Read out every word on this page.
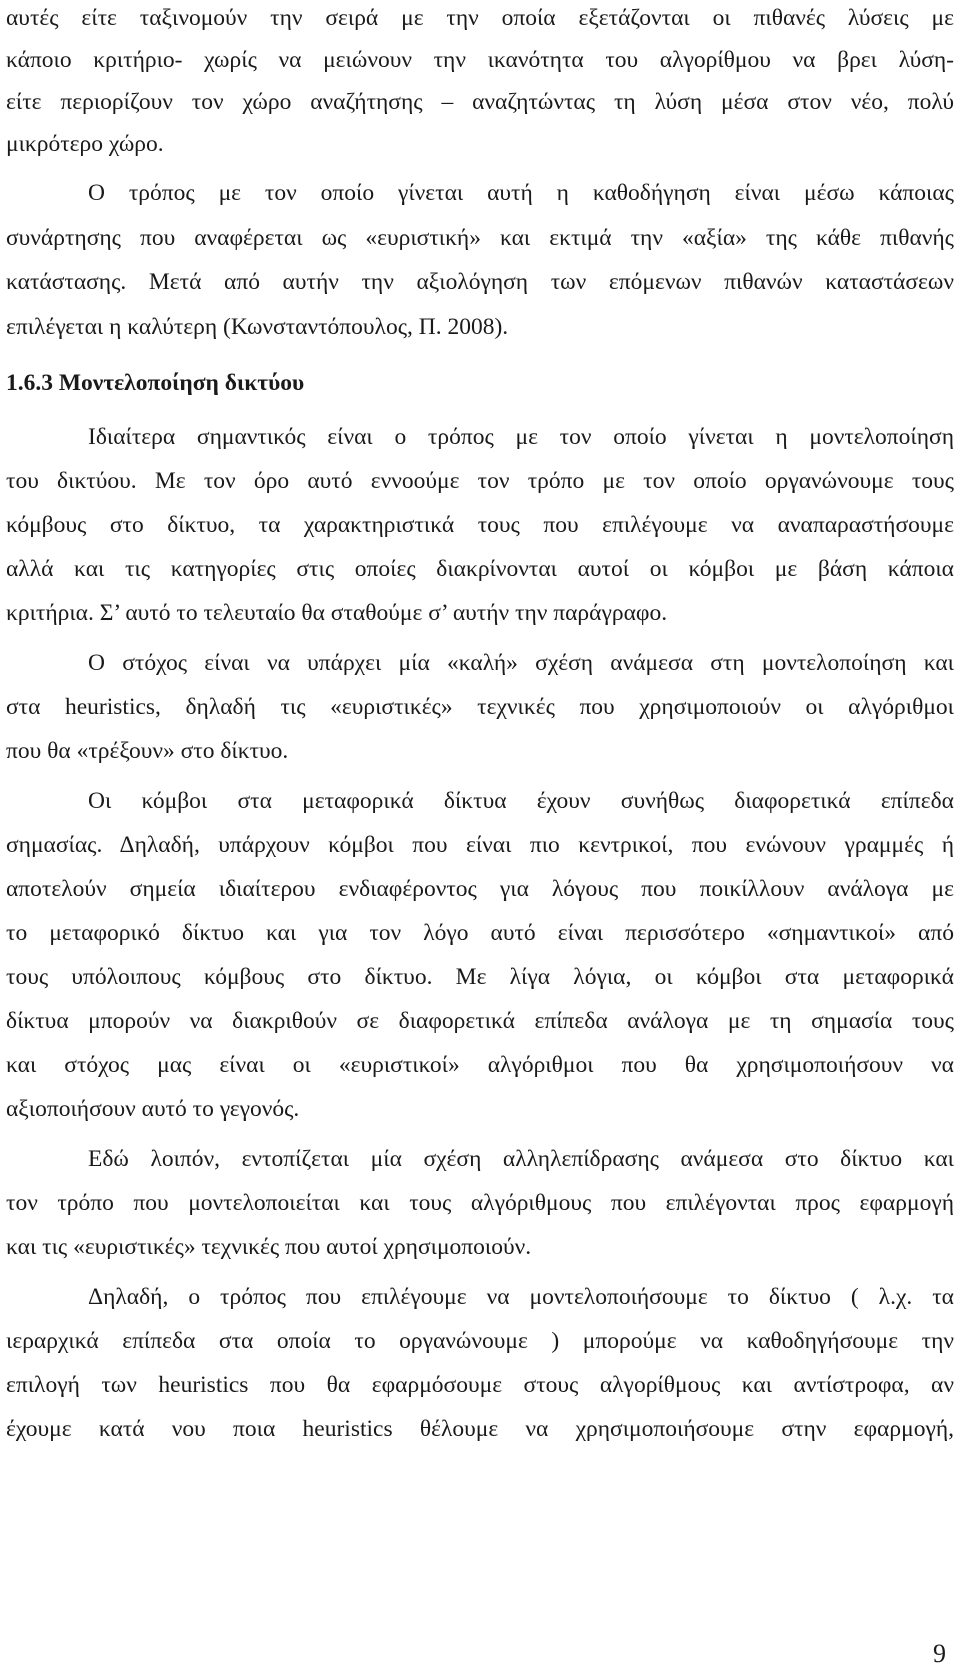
αυτές είτε ταξινομούν την σειρά με την οποία εξετάζονται οι πιθανές λύσεις με
κάποιο κριτήριο- χωρίς να μειώνουν την ικανότητα του αλγορίθμου να βρει λύση-
είτε περιορίζουν τον χώρο αναζήτησης – αναζητώντας τη λύση μέσα στον νέο, πολύ
μικρότερο χώρο.
Ο τρόπος με τον οποίο γίνεται αυτή η καθοδήγηση είναι μέσω κάποιας
συνάρτησης που αναφέρεται ως «ευριστική» και εκτιμά την «αξία» της κάθε πιθανής
κατάστασης. Μετά από αυτήν την αξιολόγηση των επόμενων πιθανών καταστάσεων
επιλέγεται η καλύτερη (Κωνσταντόπουλος, Π. 2008).
1.6.3 Μοντελοποίηση δικτύου
Ιδιαίτερα σημαντικός είναι ο τρόπος με τον οποίο γίνεται η μοντελοποίηση
του δικτύου. Με τον όρο αυτό εννοούμε τον τρόπο με τον οποίο οργανώνουμε τους
κόμβους στο δίκτυο, τα χαρακτηριστικά τους που επιλέγουμε να αναπαραστήσουμε
αλλά και τις κατηγορίες στις οποίες διακρίνονται αυτοί οι κόμβοι με βάση κάποια
κριτήρια. Σ’ αυτό το τελευταίο θα σταθούμε σ’ αυτήν την παράγραφο.
Ο στόχος είναι να υπάρχει μία «καλή» σχέση ανάμεσα στη μοντελοποίηση και
στα heuristics, δηλαδή τις «ευριστικές» τεχνικές που χρησιμοποιούν οι αλγόριθμοι
που θα «τρέξουν» στο δίκτυο.
Οι κόμβοι στα μεταφορικά δίκτυα έχουν συνήθως διαφορετικά επίπεδα
σημασίας. Δηλαδή, υπάρχουν κόμβοι που είναι πιο κεντρικοί, που ενώνουν γραμμές ή
αποτελούν σημεία ιδιαίτερου ενδιαφέροντος για λόγους που ποικίλλουν ανάλογα με
το μεταφορικό δίκτυο και για τον λόγο αυτό είναι περισσότερο «σημαντικοί» από
τους υπόλοιπους κόμβους στο δίκτυο. Με λίγα λόγια, οι κόμβοι στα μεταφορικά
δίκτυα μπορούν να διακριθούν σε διαφορετικά επίπεδα ανάλογα με τη σημασία τους
και στόχος μας είναι οι «ευριστικοί» αλγόριθμοι που θα χρησιμοποιήσουν να
αξιοποιήσουν αυτό το γεγονός.
Εδώ λοιπόν, εντοπίζεται μία σχέση αλληλεπίδρασης ανάμεσα στο δίκτυο και
τον τρόπο που μοντελοποιείται και τους αλγόριθμους που επιλέγονται προς εφαρμογή
και τις «ευριστικές» τεχνικές που αυτοί χρησιμοποιούν.
Δηλαδή, ο τρόπος που επιλέγουμε να μοντελοποιήσουμε το δίκτυο ( λ.χ. τα
ιεραρχικά επίπεδα στα οποία το οργανώνουμε ) μπορούμε να καθοδηγήσουμε την
επιλογή των heuristics που θα εφαρμόσουμε στους αλγορίθμους και αντίστροφα, αν
έχουμε κατά νου ποια heuristics θέλουμε να χρησιμοποιήσουμε στην εφαρμογή,
9
